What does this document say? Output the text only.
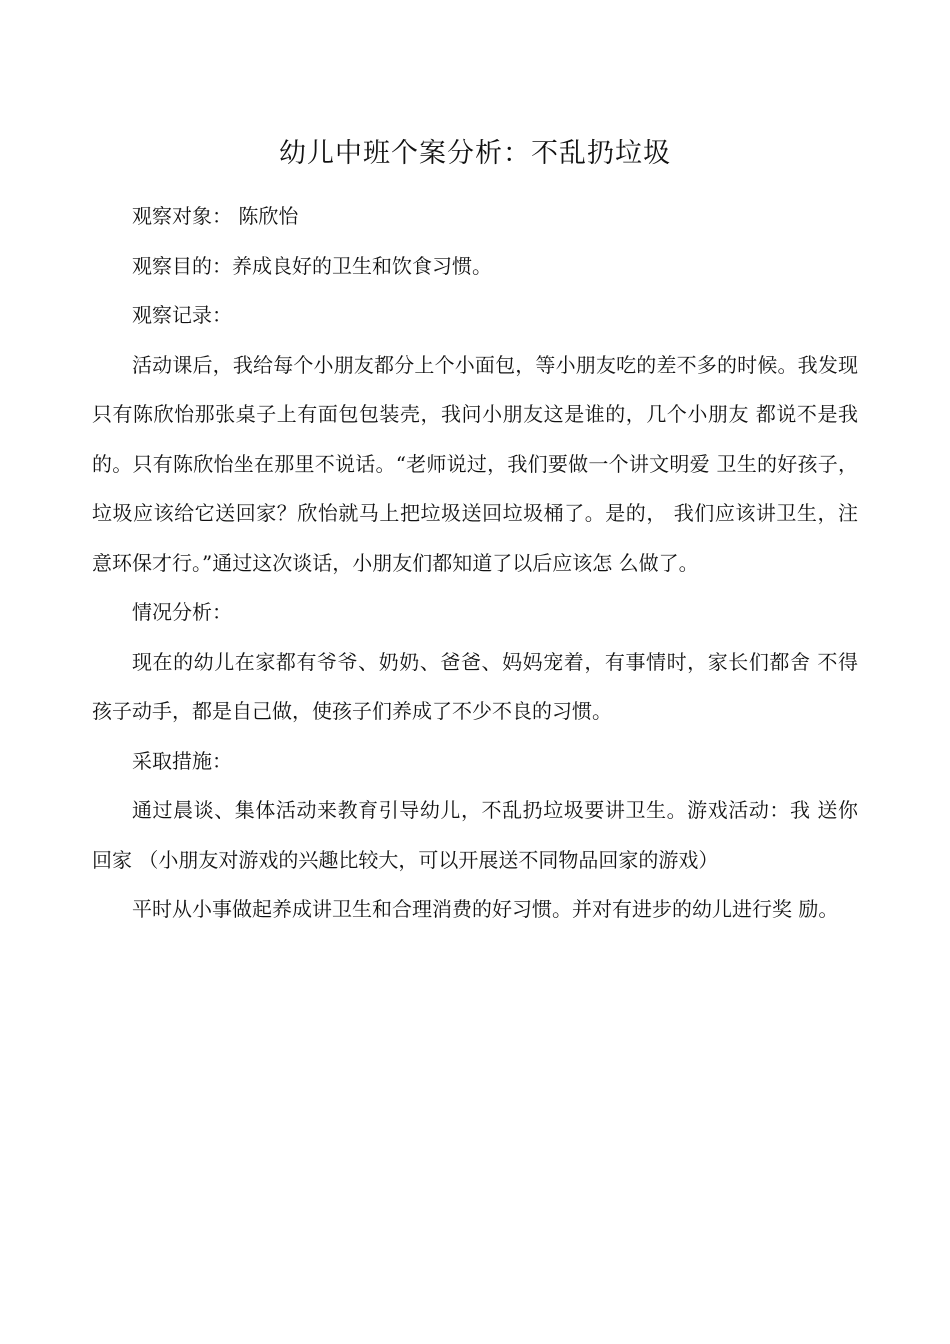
幼儿中班个案分析：不乱扔垃圾

观察对象： 陈欣怡

观察目的：养成良好的卫生和饮食习惯。

观察记录：

活动课后，我给每个小朋友都分上个小面包，等小朋友吃的差不多的时候。我发现只有陈欣怡那张桌子上有面包包装壳，我问小朋友这是谁的，几个小朋友 都说不是我的。只有陈欣怡坐在那里不说话。“老师说过，我们要做一个讲文明爱 卫生的好孩子，垃圾应该给它送回家？欣怡就马上把垃圾送回垃圾桶了。是的， 我们应该讲卫生，注意环保才行。”通过这次谈话，小朋友们都知道了以后应该怎 么做了。

情况分析：

现在的幼儿在家都有爷爷、奶奶、爸爸、妈妈宠着，有事情时，家长们都舍 不得孩子动手，都是自己做，使孩子们养成了不少不良的习惯。

采取措施：

通过晨谈、集体活动来教育引导幼儿，不乱扔垃圾要讲卫生。游戏活动：我 送你回家 （小朋友对游戏的兴趣比较大，可以开展送不同物品回家的游戏）

平时从小事做起养成讲卫生和合理消费的好习惯。并对有进步的幼儿进行奖 励。
